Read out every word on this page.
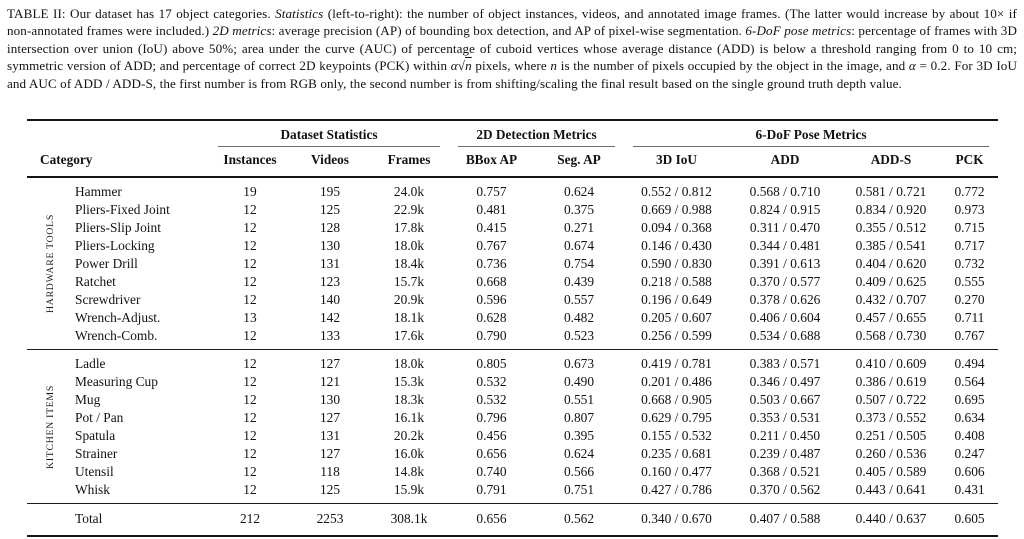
TABLE II: Our dataset has 17 object categories. Statistics (left-to-right): the number of object instances, videos, and annotated image frames. (The latter would increase by about 10× if non-annotated frames were included.) 2D metrics: average precision (AP) of bounding box detection, and AP of pixel-wise segmentation. 6-DoF pose metrics: percentage of frames with 3D intersection over union (IoU) above 50%; area under the curve (AUC) of percentage of cuboid vertices whose average distance (ADD) is below a threshold ranging from 0 to 10 cm; symmetric version of ADD; and percentage of correct 2D keypoints (PCK) within α√n pixels, where n is the number of pixels occupied by the object in the image, and α = 0.2. For 3D IoU and AUC of ADD / ADD-S, the first number is from RGB only, the second number is from shifting/scaling the final result based on the single ground truth depth value.

		Dataset Statistics			2D Detection Metrics		6-DoF Pose Metrics			

Category		Instances	Videos	Frames	BBox AP	Seg. AP	3D IoU	ADD	ADD-S	PCK
HARDWARE TOOLS	Hammer	19	195	24.0k	0.757	0.624	0.552 / 0.812	0.568 / 0.710	0.581 / 0.721	0.772
	Pliers-Fixed Joint	12	125	22.9k	0.481	0.375	0.669 / 0.988	0.824 / 0.915	0.834 / 0.920	0.973
	Pliers-Slip Joint	12	128	17.8k	0.415	0.271	0.094 / 0.368	0.311 / 0.470	0.355 / 0.512	0.715
	Pliers-Locking	12	130	18.0k	0.767	0.674	0.146 / 0.430	0.344 / 0.481	0.385 / 0.541	0.717
	Power Drill	12	131	18.4k	0.736	0.754	0.590 / 0.830	0.391 / 0.613	0.404 / 0.620	0.732
	Ratchet	12	123	15.7k	0.668	0.439	0.218 / 0.588	0.370 / 0.577	0.409 / 0.625	0.555
	Screwdriver	12	140	20.9k	0.596	0.557	0.196 / 0.649	0.378 / 0.626	0.432 / 0.707	0.270
	Wrench-Adjust.	13	142	18.1k	0.628	0.482	0.205 / 0.607	0.406 / 0.604	0.457 / 0.655	0.711
	Wrench-Comb.	12	133	17.6k	0.790	0.523	0.256 / 0.599	0.534 / 0.688	0.568 / 0.730	0.767
KITCHEN ITEMS	Ladle	12	127	18.0k	0.805	0.673	0.419 / 0.781	0.383 / 0.571	0.410 / 0.609	0.494
	Measuring Cup	12	121	15.3k	0.532	0.490	0.201 / 0.486	0.346 / 0.497	0.386 / 0.619	0.564
	Mug	12	130	18.3k	0.532	0.551	0.668 / 0.905	0.503 / 0.667	0.507 / 0.722	0.695
	Pot / Pan	12	127	16.1k	0.796	0.807	0.629 / 0.795	0.353 / 0.531	0.373 / 0.552	0.634
	Spatula	12	131	20.2k	0.456	0.395	0.155 / 0.532	0.211 / 0.450	0.251 / 0.505	0.408
	Strainer	12	127	16.0k	0.656	0.624	0.235 / 0.681	0.239 / 0.487	0.260 / 0.536	0.247
	Utensil	12	118	14.8k	0.740	0.566	0.160 / 0.477	0.368 / 0.521	0.405 / 0.589	0.606
	Whisk	12	125	15.9k	0.791	0.751	0.427 / 0.786	0.370 / 0.562	0.443 / 0.641	0.431
	Total	212	2253	308.1k	0.656	0.562	0.340 / 0.670	0.407 / 0.588	0.440 / 0.637	0.605
